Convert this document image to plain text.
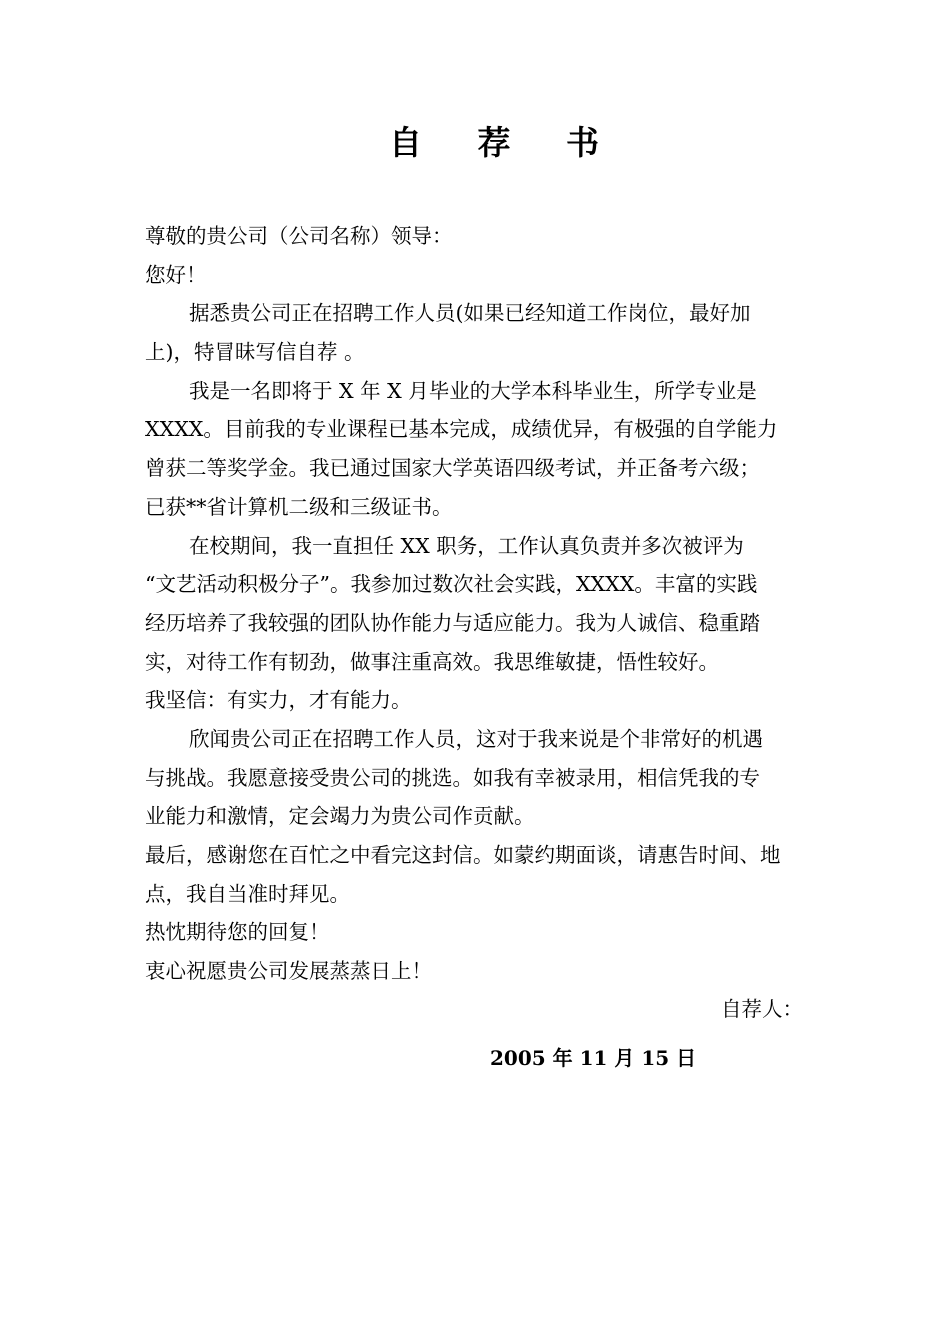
自 荐 书
尊敬的贵公司（公司名称）领导：
您好！
据悉贵公司正在招聘工作人员(如果已经知道工作岗位，最好加
上)，特冒昧写信自荐 。
我是一名即将于 X 年 X 月毕业的大学本科毕业生，所学专业是
XXXX。目前我的专业课程已基本完成，成绩优异，有极强的自学能力
曾获二等奖学金。我已通过国家大学英语四级考试，并正备考六级；
已获**省计算机二级和三级证书。
在校期间，我一直担任 XX 职务，工作认真负责并多次被评为
“文艺活动积极分子”。我参加过数次社会实践，XXXX。丰富的实践
经历培养了我较强的团队协作能力与适应能力。我为人诚信、稳重踏
实，对待工作有韧劲，做事注重高效。我思维敏捷，悟性较好。
我坚信：有实力，才有能力。
欣闻贵公司正在招聘工作人员，这对于我来说是个非常好的机遇
与挑战。我愿意接受贵公司的挑选。如我有幸被录用，相信凭我的专
业能力和激情，定会竭力为贵公司作贡献。
最后，感谢您在百忙之中看完这封信。如蒙约期面谈，请惠告时间、地
点，我自当准时拜见。
热忱期待您的回复！
衷心祝愿贵公司发展蒸蒸日上！
自荐人：
2005 年 11 月 15 日
